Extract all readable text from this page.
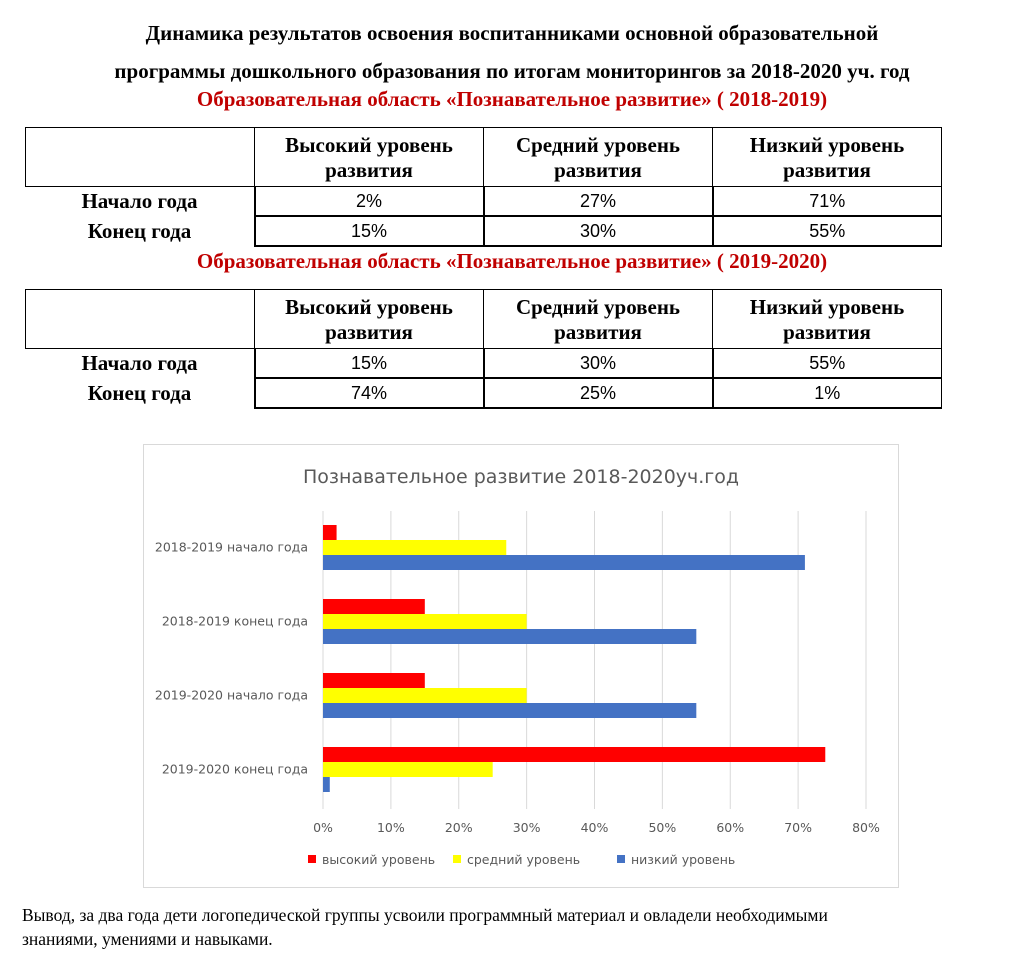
Динамика результатов освоения воспитанниками основной образовательной
программы дошкольного образования по итогам мониторингов за 2018-2020 уч. год
Образовательная область «Познавательное развитие» ( 2018-2019)
	Высокий уровень развития	Средний уровень развития	Низкий уровень развития
Начало года	2%	27%	71%
Конец года	15%	30%	55%
Образовательная область «Познавательное развитие» ( 2019-2020)
	Высокий уровень развития	Средний уровень развития	Низкий уровень развития
Начало года	15%	30%	55%
Конец года	74%	25%	1%
Познавательное развитие 2018-2020уч.год
0%	10%	20%	30%	40%	50%	60%	70%	80%
2018-2019 начало года
2018-2019 конец года
2019-2020 начало года
2019-2020 конец года
высокий уровень	средний уровень	низкий уровень
Вывод, за два года дети логопедической группы усвоили программный материал и овладели необходимыми
знаниями, умениями и навыками.
